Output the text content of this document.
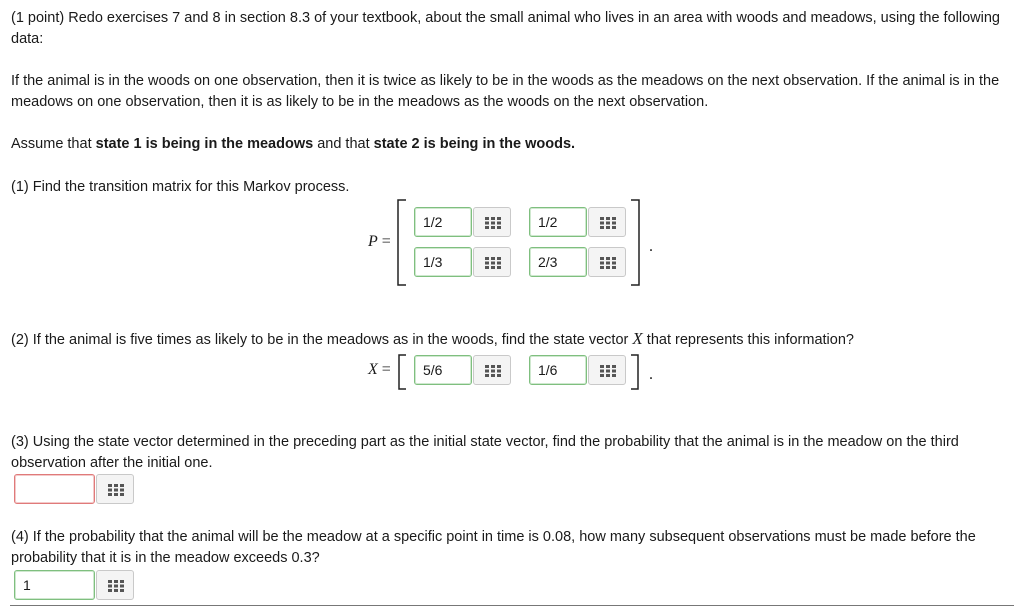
(1 point) Redo exercises 7 and 8 in section 8.3 of your textbook, about the small animal who lives in an area with woods and meadows, using the following data:

If the animal is in the woods on one observation, then it is twice as likely to be in the woods as the meadows on the next observation. If the animal is in the meadows on one observation, then it is as likely to be in the meadows as the woods on the next observation.

Assume that state 1 is being in the meadows and that state 2 is being in the woods.

(1) Find the transition matrix for this Markov process.

P =	.
1/2	1/2
1/3	2/3

(2) If the animal is five times as likely to be in the meadows as in the woods, find the state vector X that represents this information?

X =	.
5/6	1/6

(3) Using the state vector determined in the preceding part as the initial state vector, find the probability that the animal is in the meadow on the third observation after the initial one.

(4) If the probability that the animal will be the meadow at a specific point in time is 0.08, how many subsequent observations must be made before the probability that it is in the meadow exceeds 0.3?

1
